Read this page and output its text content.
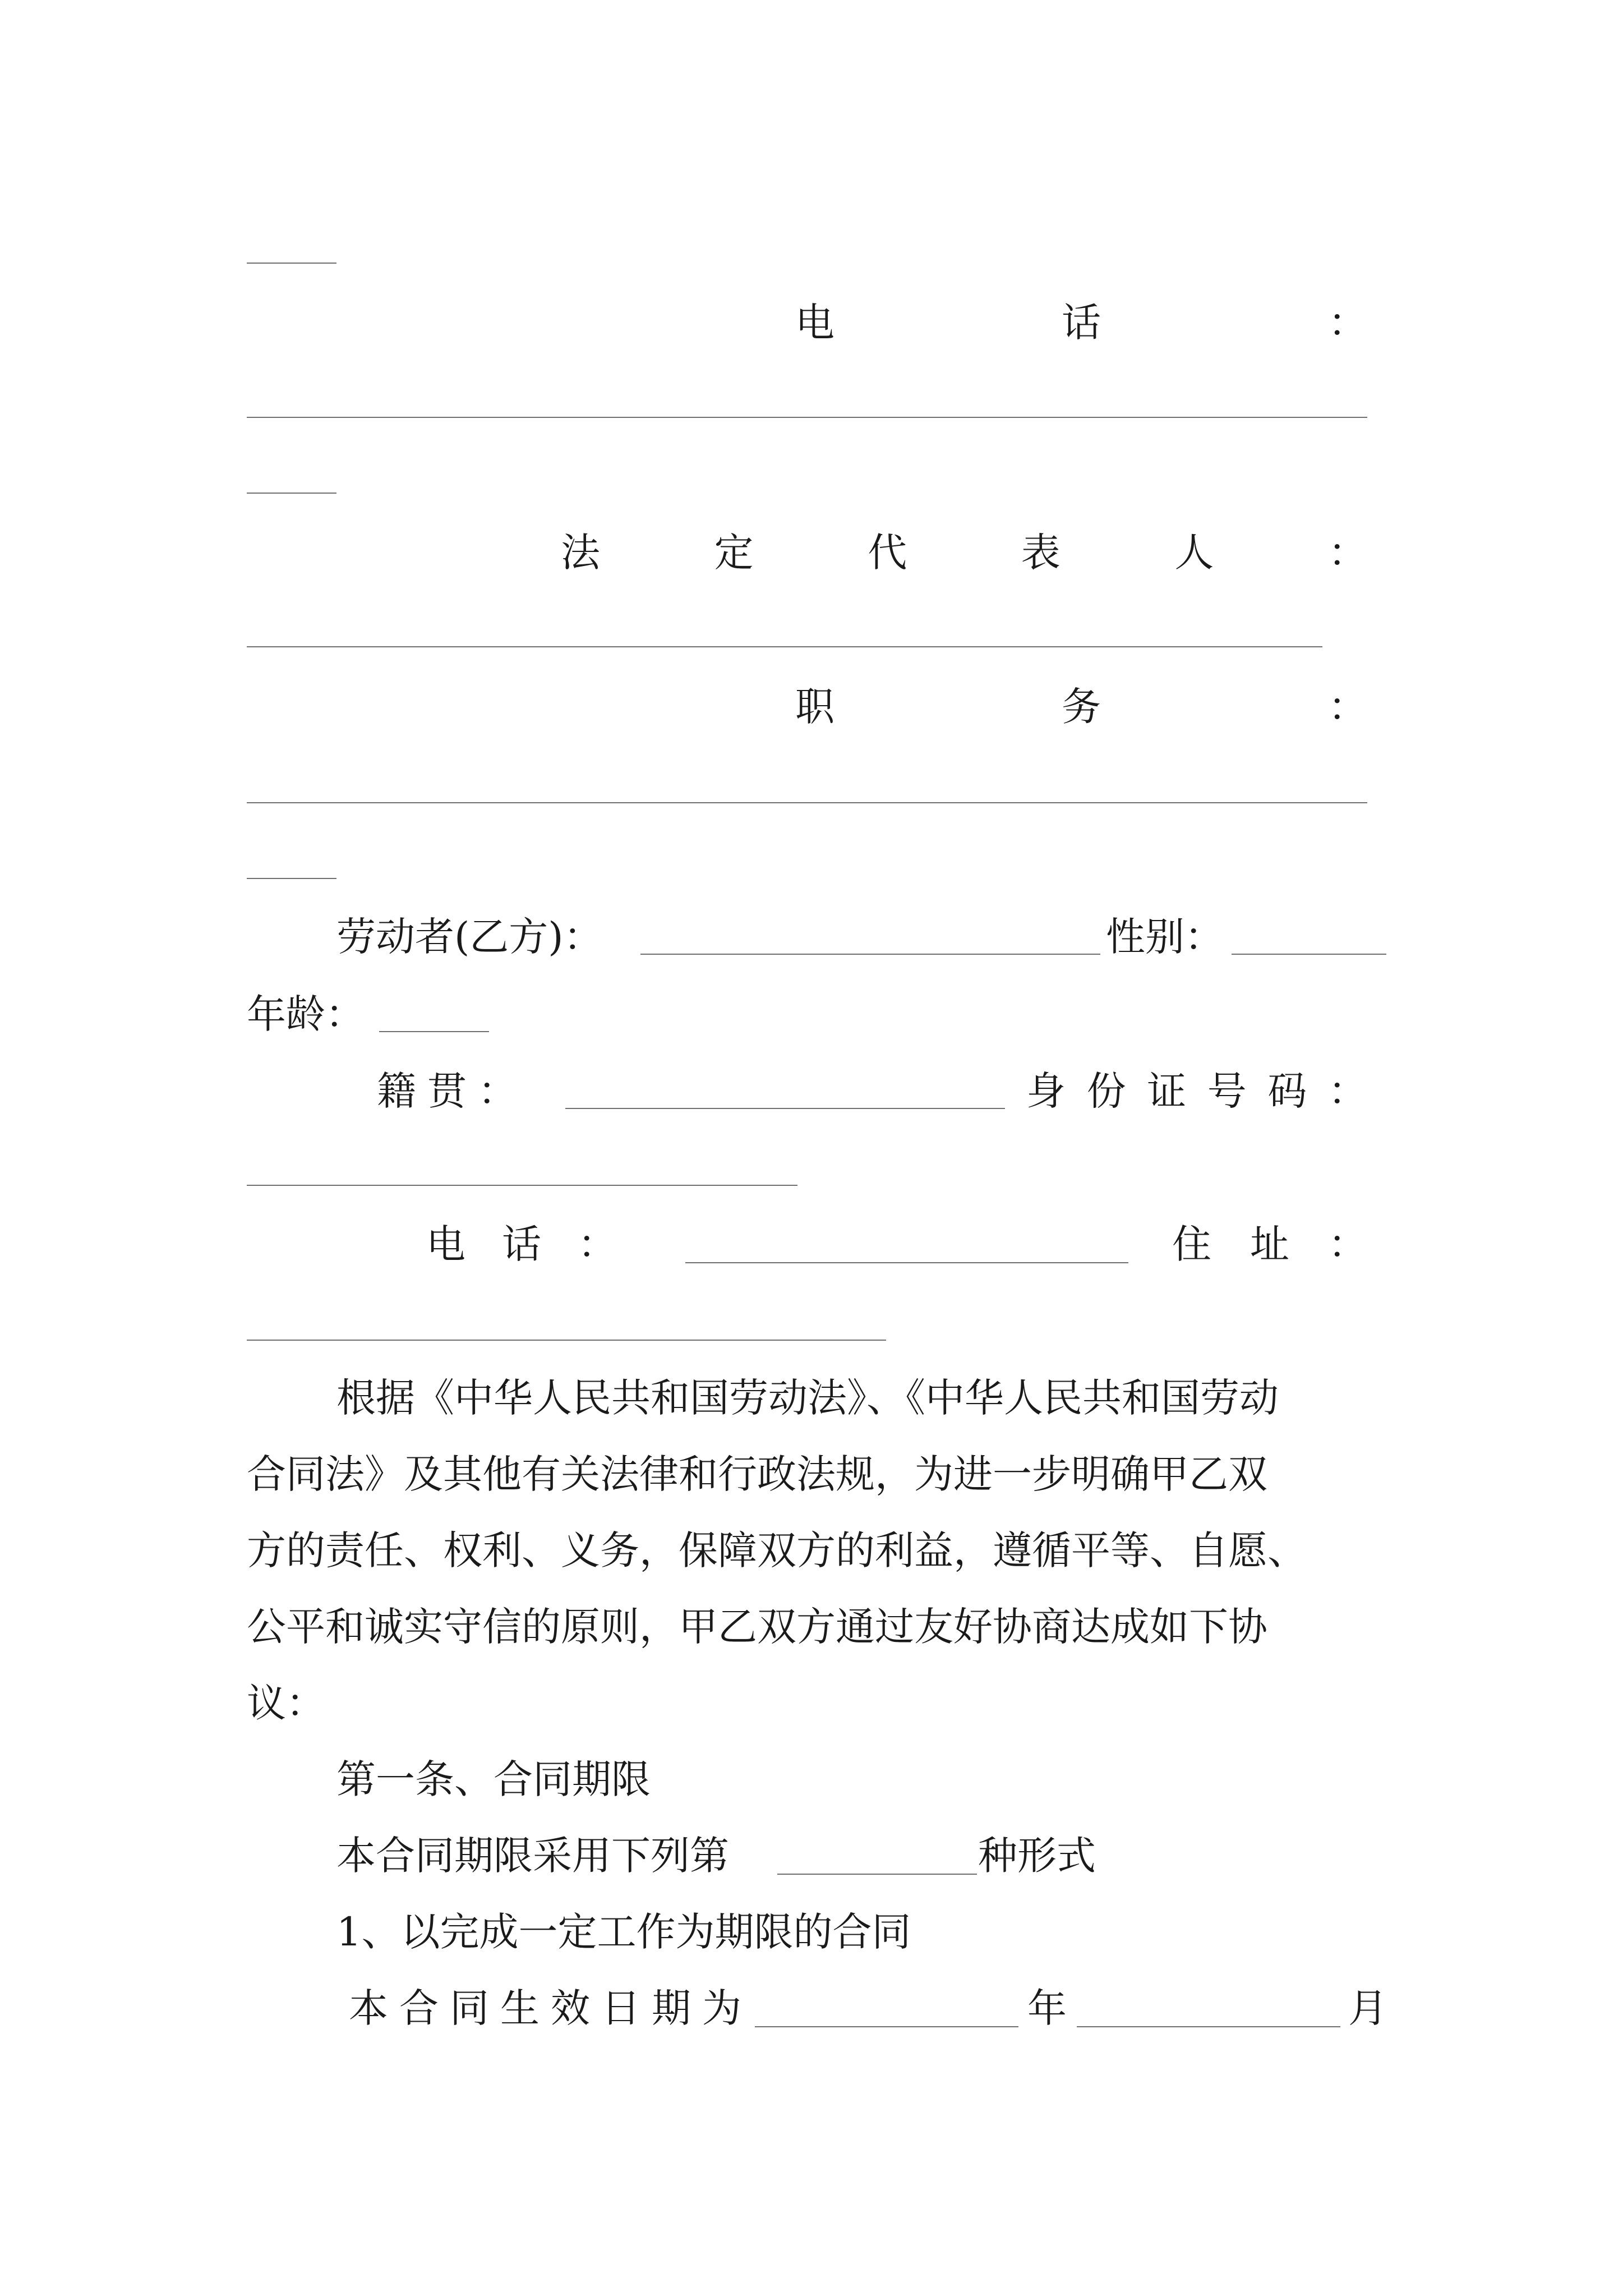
电	话	：
法	定	代	表	人	：
职	务	：
劳动者(乙方)：	性别：
年龄：
籍 贯 ：	身 份 证 号 码 ：
电 话 ：	住 址 ：
根据《中华人民共和国劳动法》、《中华人民共和国劳动
合同法》及其他有关法律和行政法规，为进一步明确甲乙双
方的责任、权利、义务，保障双方的利益，遵循平等、自愿、
公平和诚实守信的原则，甲乙双方通过友好协商达成如下协
议：
第一条、合同期限
本合同期限采用下列第	种形式
1、以完成一定工作为期限的合同
本 合 同 生 效 日 期 为	年	月
